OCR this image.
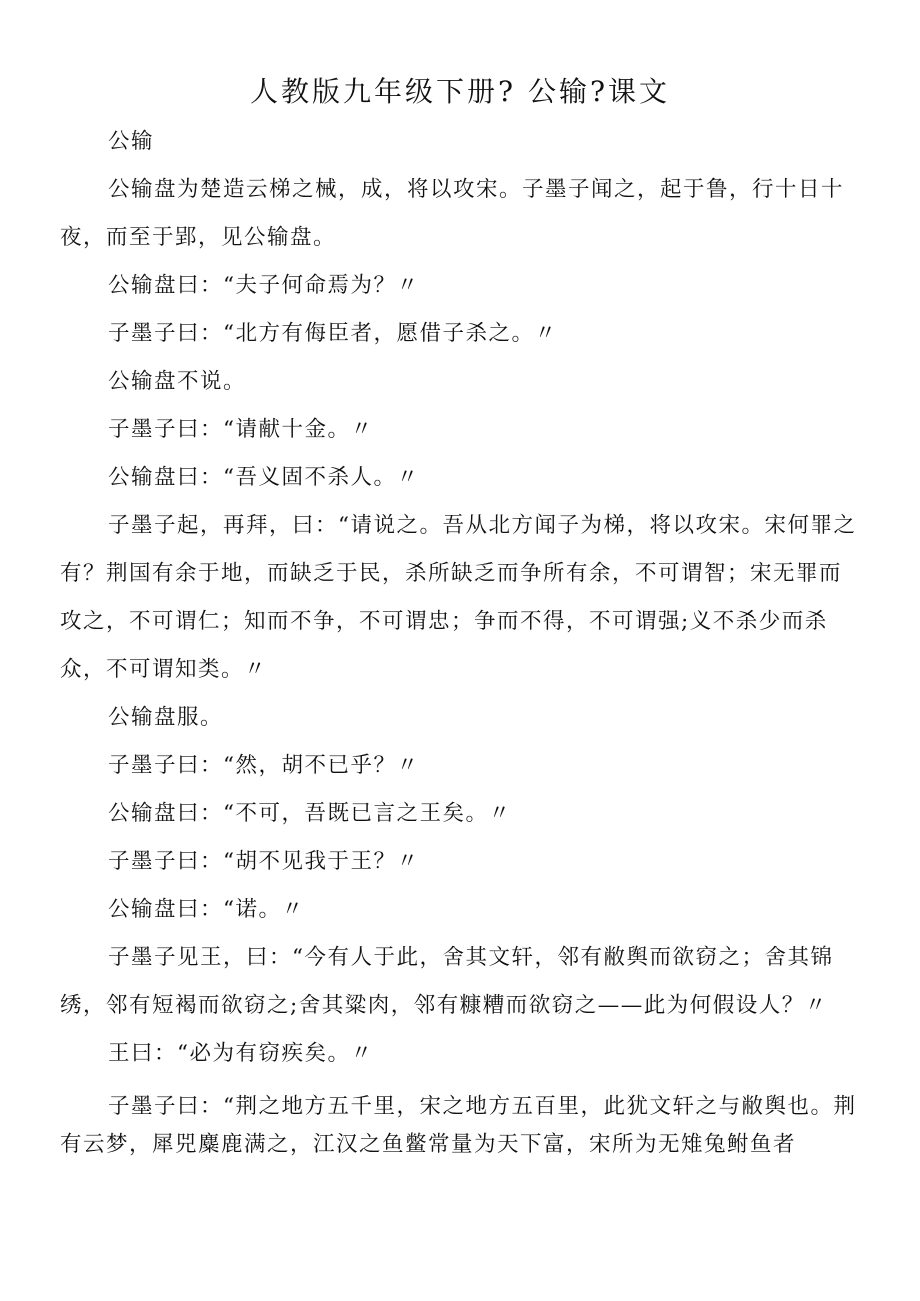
人教版九年级下册? 公输?课文

公输

公输盘为楚造云梯之械，成，将以攻宋。子墨子闻之，起于鲁，行十日十夜，而至于郢，见公输盘。

公输盘曰：“夫子何命焉为？〃

子墨子曰：“北方有侮臣者，愿借子杀之。〃

公输盘不说。

子墨子曰：“请献十金。〃

公输盘曰：“吾义固不杀人。〃

子墨子起，再拜，曰：“请说之。吾从北方闻子为梯，将以攻宋。宋何罪之有？荆国有余于地，而缺乏于民，杀所缺乏而争所有余，不可谓智；宋无罪而攻之，不可谓仁；知而不争，不可谓忠；争而不得，不可谓强;义不杀少而杀众，不可谓知类。〃

公输盘服。

子墨子曰：“然，胡不已乎？〃

公输盘曰：“不可，吾既已言之王矣。〃

子墨子曰：“胡不见我于王？〃

公输盘曰：“诺。〃

子墨子见王，曰：“今有人于此，舍其文轩，邻有敝舆而欲窃之；舍其锦绣，邻有短褐而欲窃之;舍其粱肉，邻有糠糟而欲窃之——此为何假设人？〃

王曰：“必为有窃疾矣。〃

子墨子曰：“荆之地方五千里，宋之地方五百里，此犹文轩之与敝舆也。荆有云梦，犀兕麋鹿满之，江汉之鱼鳖常量为天下富，宋所为无雉兔鲋鱼者
